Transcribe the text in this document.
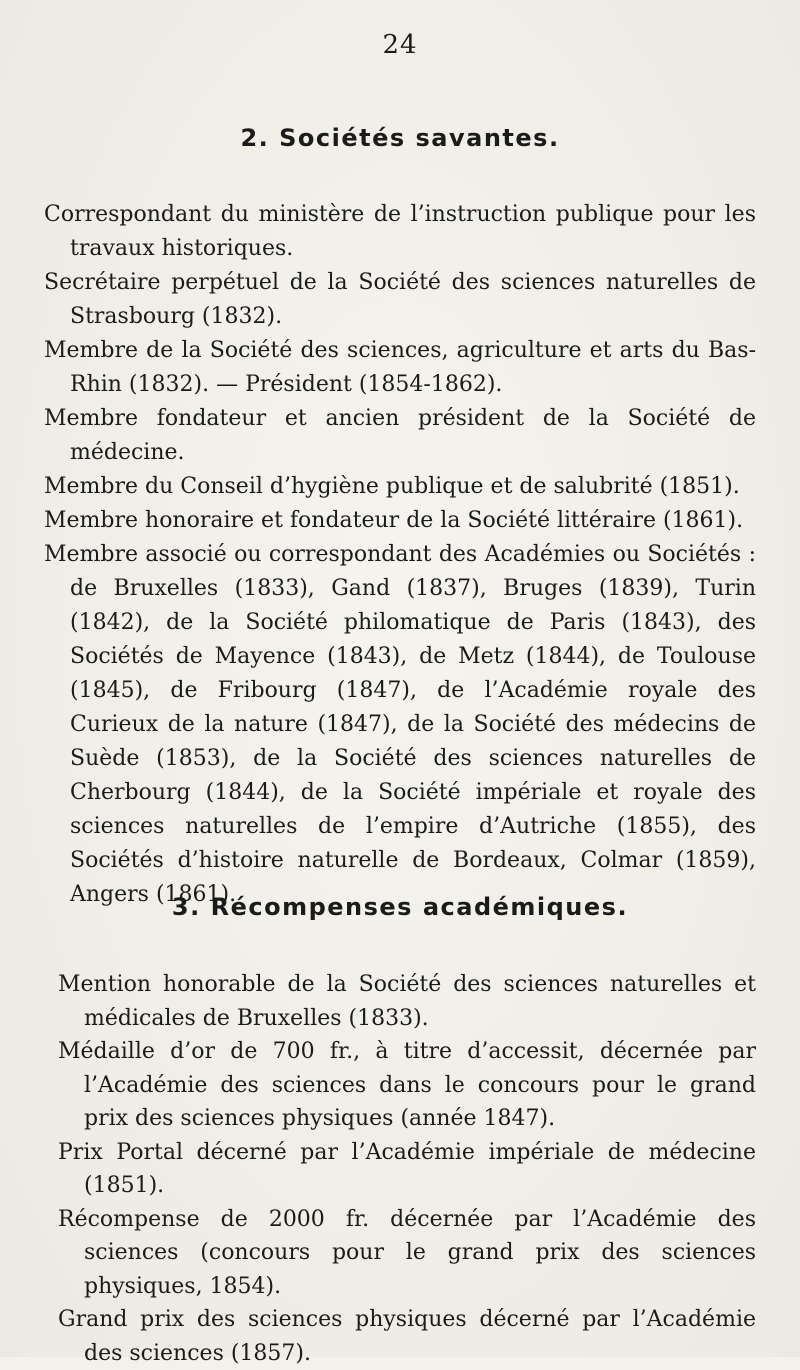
24
2. Sociétés savantes.
Correspondant du ministère de l’instruction publique pour les travaux historiques.
Secrétaire perpétuel de la Société des sciences naturelles de Strasbourg (1832).
Membre de la Société des sciences, agriculture et arts du Bas-Rhin (1832). — Président (1854-1862).
Membre fondateur et ancien président de la Société de médecine.
Membre du Conseil d’hygiène publique et de salubrité (1851).
Membre honoraire et fondateur de la Société littéraire (1861).
Membre associé ou correspondant des Académies ou Sociétés : de Bruxelles (1833), Gand (1837), Bruges (1839), Turin (1842), de la Société philomatique de Paris (1843), des Sociétés de Mayence (1843), de Metz (1844), de Toulouse (1845), de Fribourg (1847), de l’Académie royale des Curieux de la nature (1847), de la Société des médecins de Suède (1853), de la Société des sciences naturelles de Cherbourg (1844), de la Société impériale et royale des sciences naturelles de l’empire d’Autriche (1855), des Sociétés d’histoire naturelle de Bordeaux, Colmar (1859), Angers (1861).
3. Récompenses académiques.
Mention honorable de la Société des sciences naturelles et médicales de Bruxelles (1833).
Médaille d’or de 700 fr., à titre d’accessit, décernée par l’Académie des sciences dans le concours pour le grand prix des sciences physiques (année 1847).
Prix Portal décerné par l’Académie impériale de médecine (1851).
Récompense de 2000 fr. décernée par l’Académie des sciences (concours pour le grand prix des sciences physiques, 1854).
Grand prix des sciences physiques décerné par l’Académie des sciences (1857).
